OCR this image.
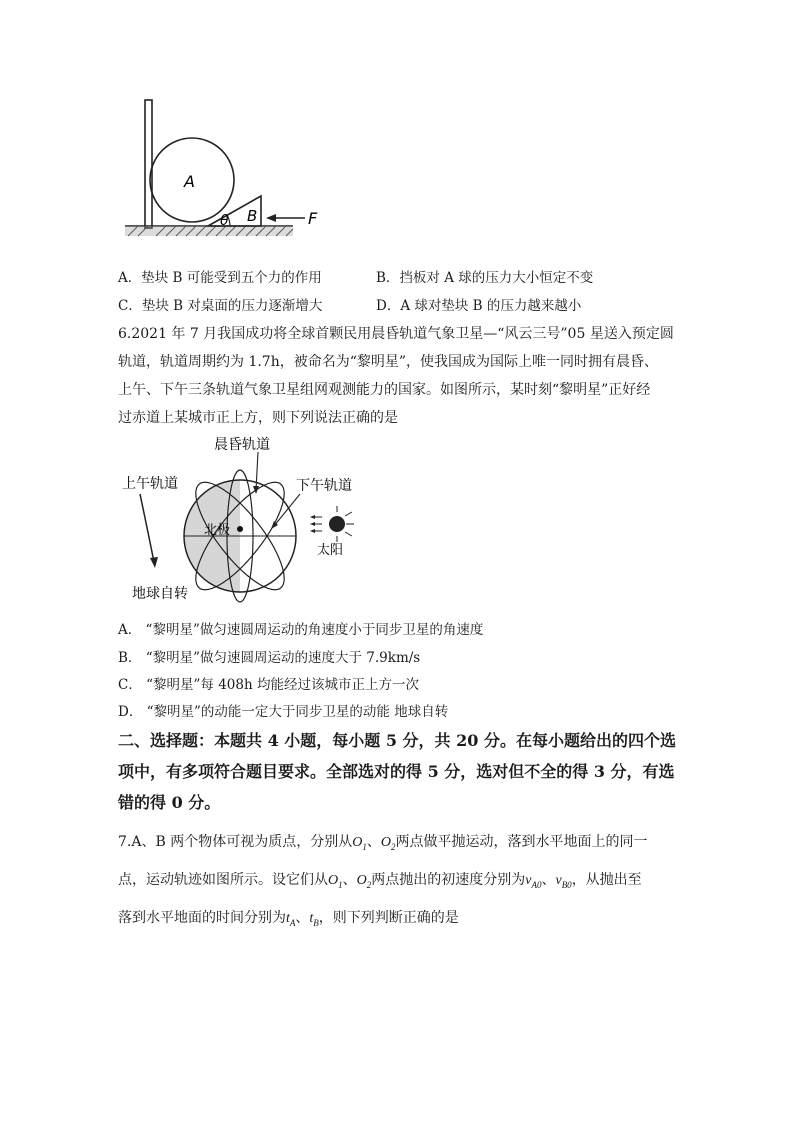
A
B
θ	F
A．垫块 B 可能受到五个力的作用	B．挡板对 A 球的压力大小恒定不变
C．垫块 B 对桌面的压力逐渐增大	D．A 球对垫块 B 的压力越来越小
6.2021 年 7 月我国成功将全球首颗民用晨昏轨道气象卫星—“风云三号”05 星送入预定圆
轨道，轨道周期约为 1.7h，被命名为“黎明星”，使我国成为国际上唯一同时拥有晨昏、
上午、下午三条轨道气象卫星组网观测能力的国家。如图所示，某时刻“黎明星”正好经
过赤道上某城市正上方，则下列说法正确的是
晨昏轨道
上午轨道	下午轨道
北极
太阳
地球自转
A． “黎明星”做匀速圆周运动的角速度小于同步卫星的角速度
B． “黎明星”做匀速圆周运动的速度大于 7.9km/s
C． “黎明星”每 408h 均能经过该城市正上方一次
D． “黎明星”的动能一定大于同步卫星的动能 地球自转
二、选择题：本题共 4 小题，每小题 5 分，共 20 分。在每小题给出的四个选
项中，有多项符合题目要求。全部选对的得 5 分，选对但不全的得 3 分，有选
错的得 0 分。
7.A、B 两个物体可视为质点，分别从$O_1$、$O_2$两点做平抛运动，落到水平地面上的同一
点，运动轨迹如图所示。设它们从$O_1$、$O_2$两点抛出的初速度分别为$v_{A0}$、$v_{B0}$，从抛出至
落到水平地面的时间分别为$t_A$、$t_B$，则下列判断正确的是
